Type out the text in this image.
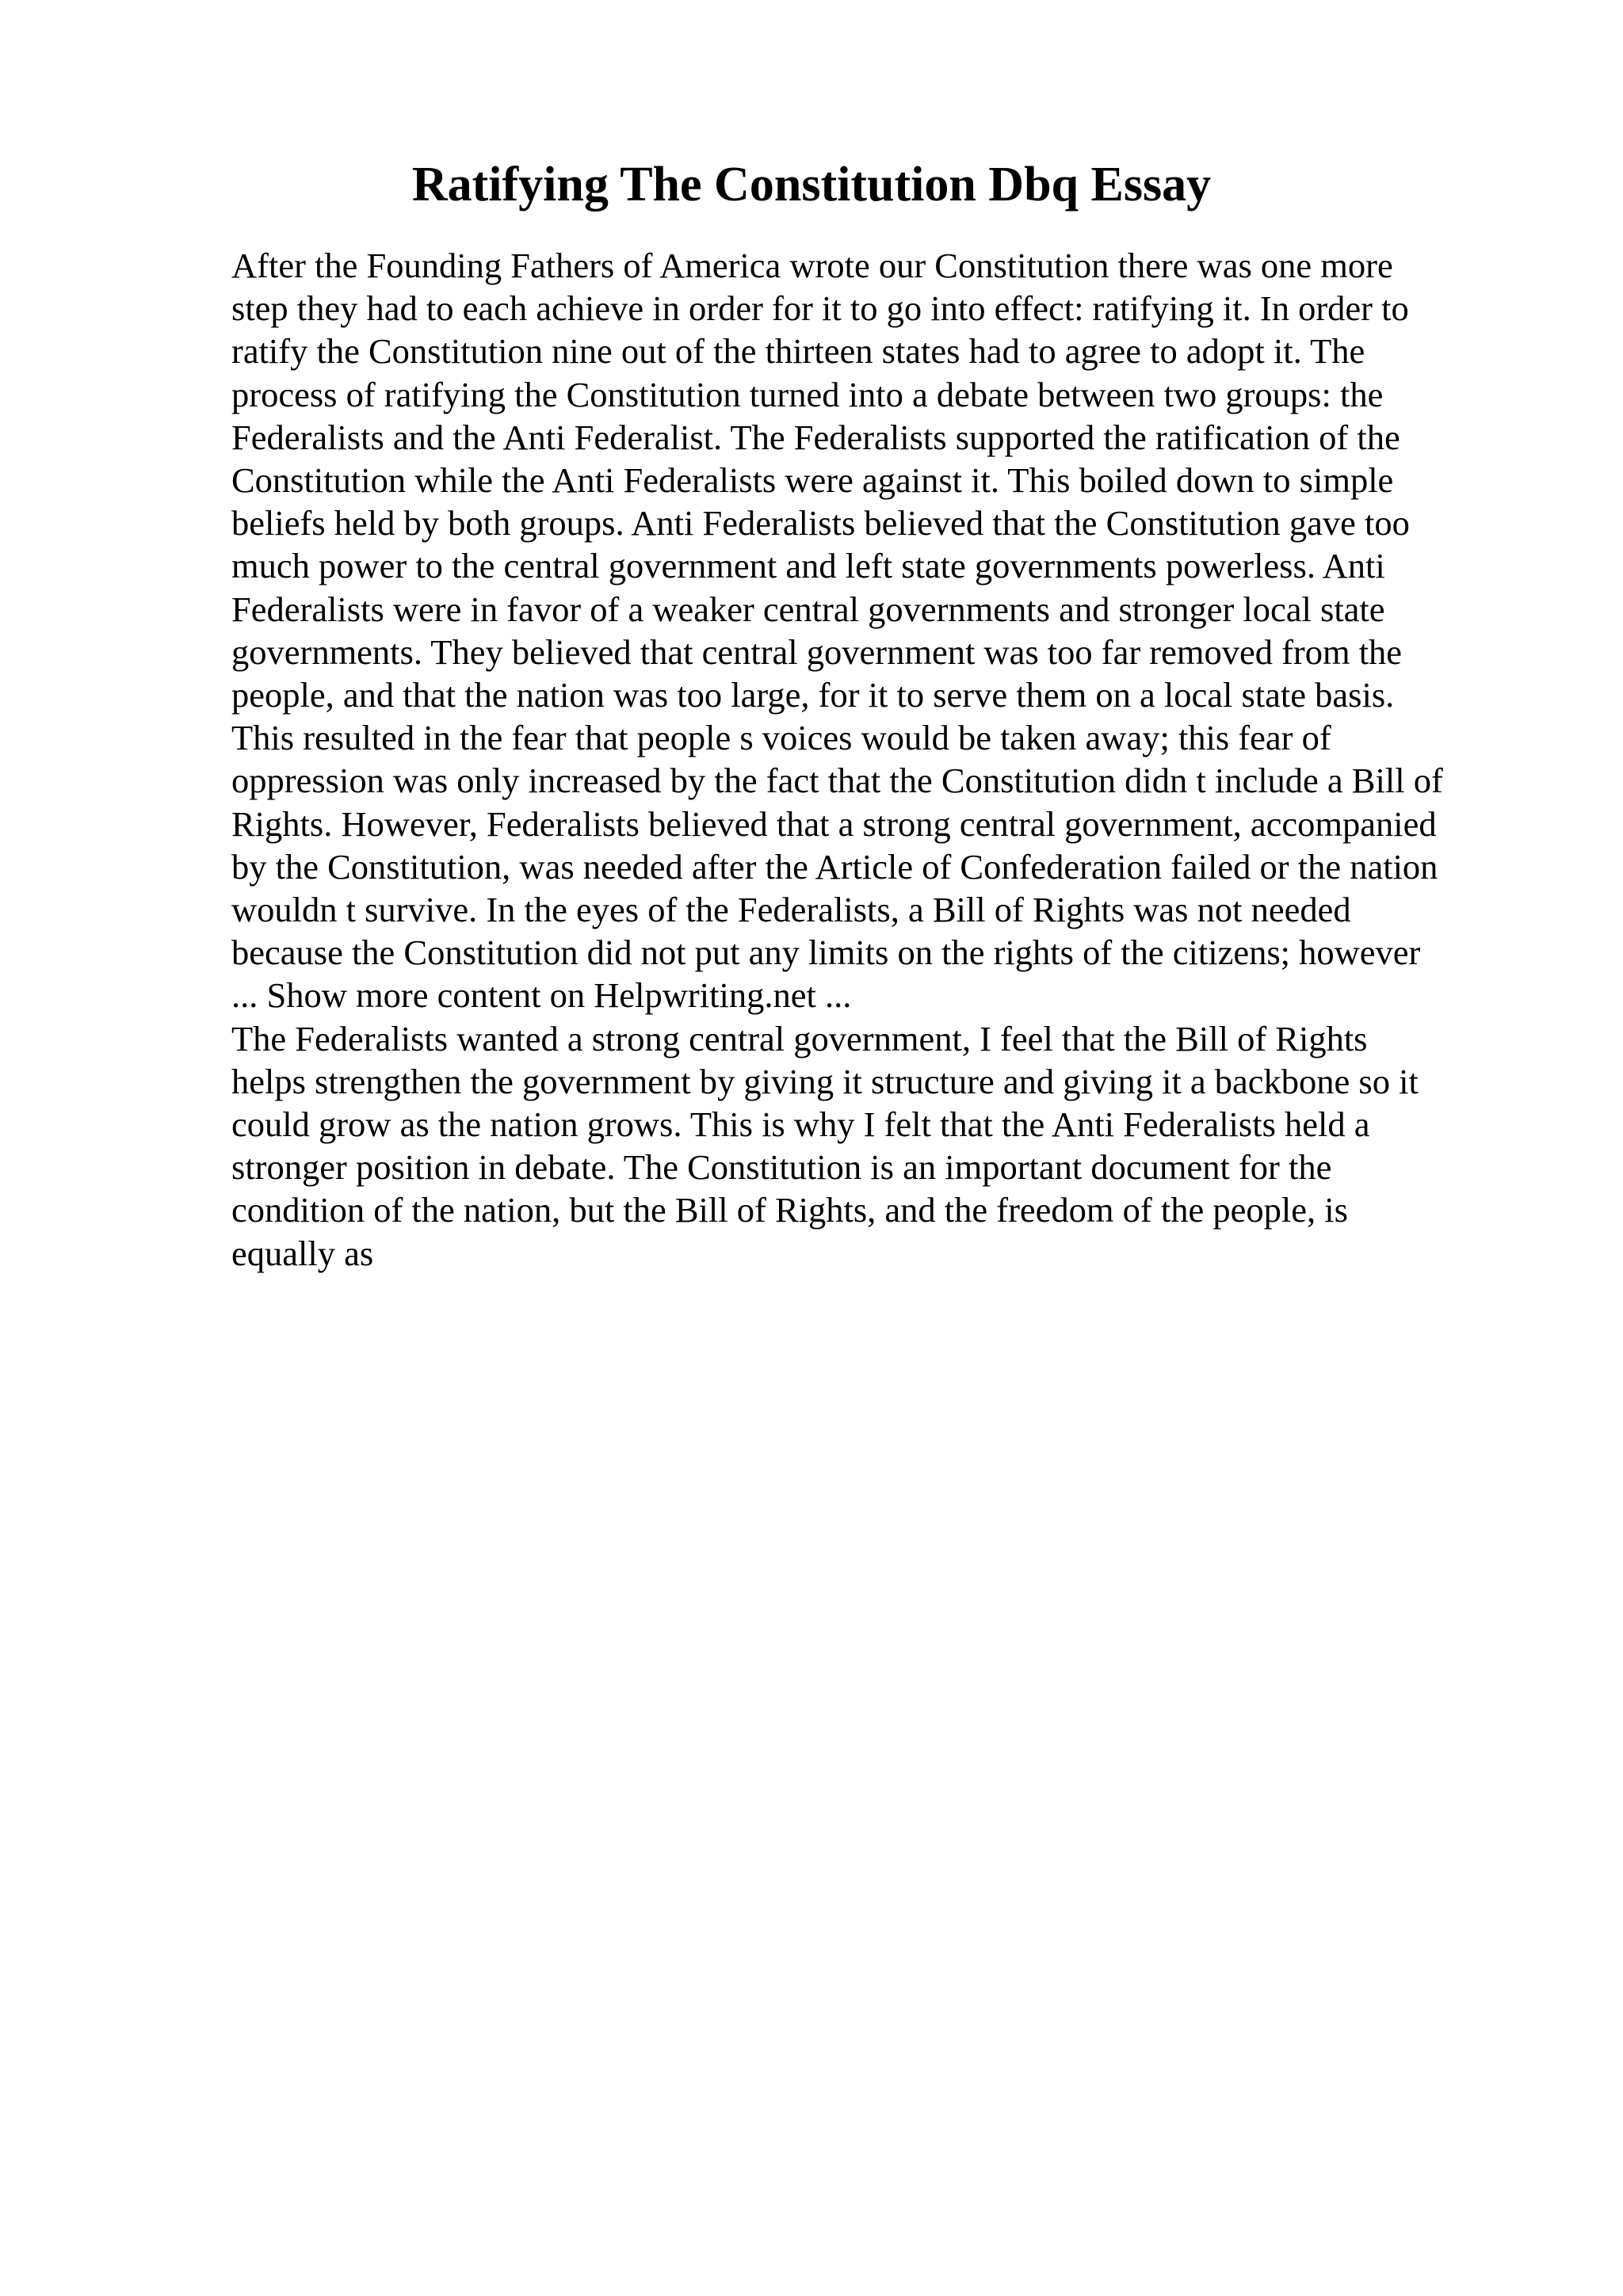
Ratifying The Constitution Dbq Essay
After the Founding Fathers of America wrote our Constitution there was one more
step they had to each achieve in order for it to go into effect: ratifying it. In order to
ratify the Constitution nine out of the thirteen states had to agree to adopt it. The
process of ratifying the Constitution turned into a debate between two groups: the
Federalists and the Anti Federalist. The Federalists supported the ratification of the
Constitution while the Anti Federalists were against it. This boiled down to simple
beliefs held by both groups. Anti Federalists believed that the Constitution gave too
much power to the central government and left state governments powerless. Anti
Federalists were in favor of a weaker central governments and stronger local state
governments. They believed that central government was too far removed from the
people, and that the nation was too large, for it to serve them on a local state basis.
This resulted in the fear that people s voices would be taken away; this fear of
oppression was only increased by the fact that the Constitution didn t include a Bill of
Rights. However, Federalists believed that a strong central government, accompanied
by the Constitution, was needed after the Article of Confederation failed or the nation
wouldn t survive. In the eyes of the Federalists, a Bill of Rights was not needed
because the Constitution did not put any limits on the rights of the citizens; however
... Show more content on Helpwriting.net ...
The Federalists wanted a strong central government, I feel that the Bill of Rights
helps strengthen the government by giving it structure and giving it a backbone so it
could grow as the nation grows. This is why I felt that the Anti Federalists held a
stronger position in debate. The Constitution is an important document for the
condition of the nation, but the Bill of Rights, and the freedom of the people, is
equally as
